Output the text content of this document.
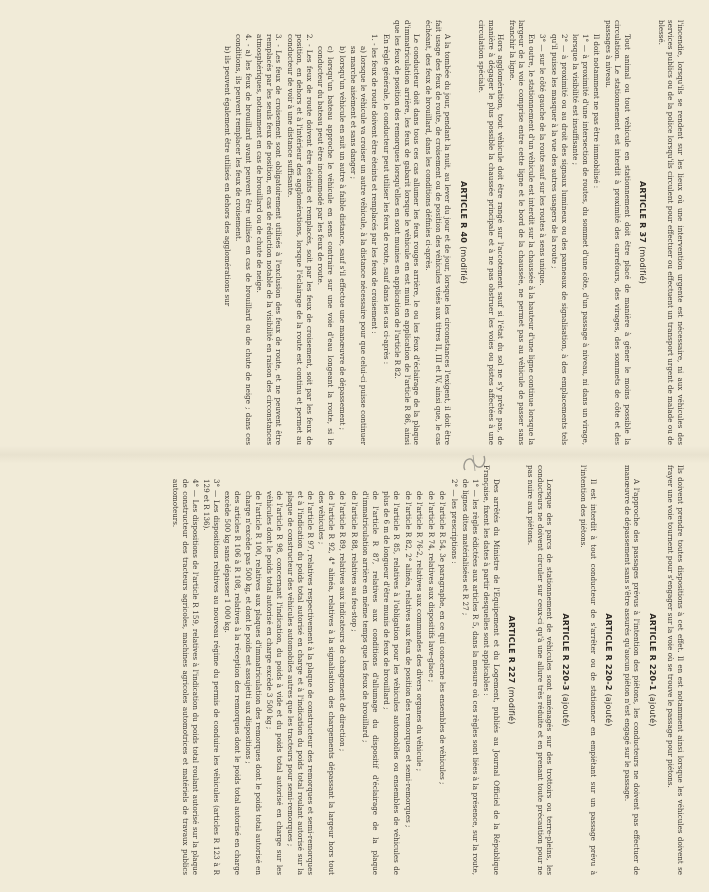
l'incendie, lorsqu'ils se rendent sur les lieux où une intervention urgente est nécessaire, ni aux véhicules des services publics ou de la police lorsqu'ils circulent pour effectuer ou effectuent un transport urgent de malade ou de blessé.

ARTICLE R 37 (modifié)

Tout animal ou tout véhicule en stationnement doit être placé de manière à gêner le moins possible la circulation. Le stationnement est interdit à proximité des carrefours, des virages, des sommets de côte et des passages à niveau.

Il doit notamment ne pas être immobilisé :

1° — à proximité d'une intersection de routes, du sommet d'une côte, d'un passage à niveau, ni dans un virage, lorsque la visibilité est insuffisante ;

2° — à proximité ou au droit des signaux lumineux ou des panneaux de signalisation, à des emplacements tels qu'il puisse les masquer à la vue des autres usagers de la route ;

3° — sur le côté gauche de la route sauf sur les routes à sens unique.

En outre, le stationnement d'un véhicule est interdit sur la chaussée à la hauteur d'une ligne continue lorsque la largeur de la voie comprise entre cette ligne et le bord de la chaussée, ne permet pas au véhicule de passer sans franchir la ligne.

Hors agglomération, tout véhicule doit être rangé sur l'accotement sauf si l'état du sol ne s'y prête pas, de manière à dégager le plus possible la chaussée principale et à ne pas obstruer les voies ou pistes affectées à une circulation spéciale.

ARTICLE R 40 (modifié)

A la tombée du jour, pendant la nuit, au lever du jour et de jour, lorsque les circonstances l'exigent, il doit être fait usage des feux de route, de croisement ou de position des véhicules visés aux titres II, III et IV, ainsi que, le cas échéant, des feux de brouillard, dans les conditions définies ci-après.

Le conducteur doit dans tous ces cas allumer les feux rouges arrière, le ou les feux d'éclairage de la plaque d'immatriculation arrière, les feux de gabarit lorsque le véhicule en est muni en application de l'article R 86, ainsi que les feux de position des remorques lorsqu'elles en sont munies en application de l'article R 82.

En règle générale, le conducteur peut utiliser les feux de route, sauf dans les cas ci-après :

1. - les feux de route doivent être éteints et remplacés par les feux de croisement :

a) lorsque le véhicule va croiser un autre véhicule, à la distance nécessaire pour que celui-ci puisse continuer sa marche aisément et sans danger ;

b) lorsqu'un véhicule en suit un autre à faible distance, sauf s'il effectue une manœuvre de dépassement ;

c) lorsqu'un bateau approche le véhicule en sens contraire sur une voie d'eau longeant la route, si le conducteur du bateau peut être incommodé par les feux de route.

2. - Les feux de route doivent être éteints et remplacés, soit par les feux de croisement, soit par les feux de position, en dehors et à l'intérieur des agglomérations, lorsque l'éclairage de la route est continu et permet au conducteur de voir à une distance suffisante.

3. - Les feux de croisement sont obligatoirement utilisés à l'exclusion des feux de route, et ne peuvent être remplacés par les seuls feux de position, en cas de réduction notable de la visibilité en raison des circonstances atmosphériques, notamment en cas de brouillard ou de chute de neige.

4. - a) les feux de brouillard avant peuvent être utilisés en cas de brouillard ou de chute de neige ; dans ces conditions, ils peuvent remplacer les feux de croisement.

b) ils peuvent également être utilisés en dehors des agglomérations sur

Ils doivent prendre toutes dispositions à cet effet. Il en est notamment ainsi lorsque les véhicules doivent se frayer une voie tournent pour s'engager sur la voie où se trouve le passage pour piétons.

ARTICLE R 220-1 (ajouté)

A l'approche des passages prévus à l'intention des piétons, les conducteurs ne doivent pas effectuer de manœuvre de dépassement sans s'être assurés qu'aucun piéton n'est engagé sur le passage.

ARTICLE R 220-2 (ajouté)

Il est interdit à tout conducteur de s'arrêter ou de stationner en empiétant sur un passage prévu à l'intention des piétons.

ARTICLE R 220-3 (ajouté)

Lorsque des parcs de stationnement de véhicules sont aménagés sur des trottoirs ou terre-pleins, les conducteurs ne doivent circuler sur ceux-ci qu'à une allure très réduite et en prenant toute précaution pour ne pas nuire aux piétons.

ARTICLE R 227 (modifié)

Des arrêtés du Ministre de l'Equipement et du Logement, publiés au Journal Officiel de la République Française, fixent les dates à partir desquelles sont applicables :

1° — les règles édictées aux articles R 5, dans la mesure où ces règles sont liées à la présence, sur la route, de lignes dites matérialisées et R 27 ;

2° — les prescriptions :

de l'article R 54, 3e paragraphe, en ce qui concerne les ensembles de véhicules ;

de l'article R 74, relatives aux dispositifs lave-glace ;

de l'article R 76-2, relatives aux commandes des divers organes du véhicule ;

de l'article R 82, 2° alinéa, relatives aux feux de position des remorques et semi-remorques ;

de l'article R 85, relatives à l'obligation pour les véhicules automobiles ou ensembles de véhicules de plus de 6 m de longueur d'être munis de feux de brouillard ;

de l'article R 87, relatives aux conditions d'allumage du dispositif d'éclairage de la plaque d'immatriculation arrière en même temps que les feux de brouillard ;

de l'article R 88, relatives au feu-stop ;

de l'article R 89, relatives aux indicateurs de changement de direction ;

de l'article R 92, 4° alinéa, relatives à la signalisation des chargements dépassant la largeur hors tout des véhicules ;

de l'article R 97, relatives respectivement à la plaque de constructeur des remorques et semi-remorques et à l'indication du poids total autorisé en charge et à l'indication du poids total roulant autorisé sur la plaque de constructeur des véhicules automobiles autres que les tracteurs pour semi-remorques ;

de l'article R 98, concernant l'indication, du poids à vide et du poids total autorisé en charge sur les véhicules dont le poids total autorisé en charge excède 3 500 kg ;

de l'article R 100, relatives aux plaques d'immatriculation des remorques dont le poids total autorisé en charge n'excède pas 500 kg, et dont le poids est assujetti aux dispositions ;

des articles R 106 à R 108, relatives à la réception des remorques dont le poids total autorisé en charge excède 500 kg sans dépasser 1 000 kg.

3° — Les dispositions relatives au nouveau régime du permis de conduire les véhicules (articles R 123 à R 129 et R 136).

4° — Les dispositions de l'article R 159, relatives à l'indication du poids total roulant autorisé sur la plaque de constructeur des tracteurs agricoles, machines agricoles automotrices et matériels de travaux publics automoteurs.
